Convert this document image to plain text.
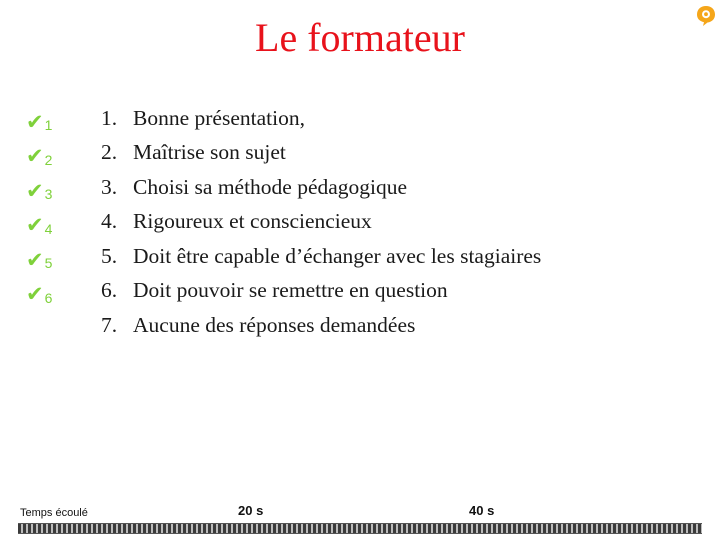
Le formateur
✔ 1
✔ 2
✔ 3
✔ 4
✔ 5
✔ 6
1. Bonne présentation,
2. Maîtrise son sujet
3. Choisi sa méthode pédagogique
4. Rigoureux et consciencieux
5. Doit être capable d’échanger avec les stagiaires
6. Doit pouvoir se remettre en question
7. Aucune des réponses demandées
Temps écoulé	20 s	40 s
